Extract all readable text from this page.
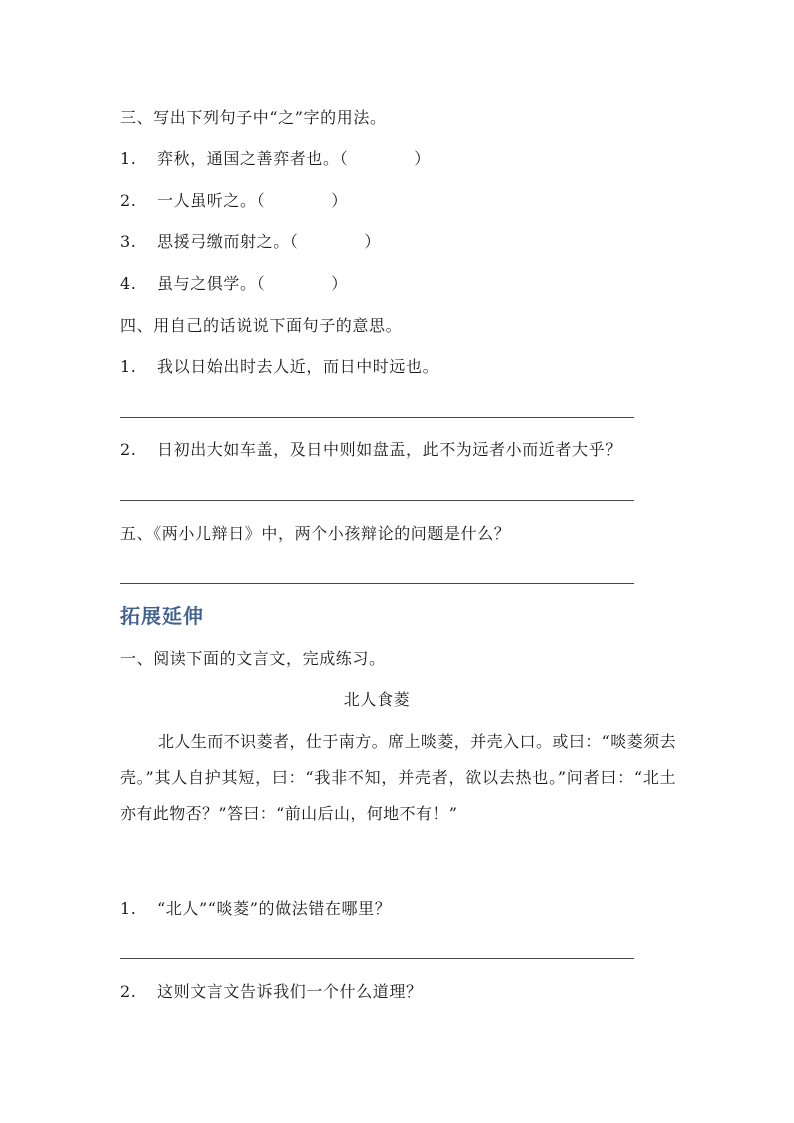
三、写出下列句子中“之”字的用法。
1. 弈秋，通国之善弈者也。（	）
2. 一人虽听之。（	）
3. 思援弓缴而射之。（	）
4. 虽与之俱学。（	）
四、用自己的话说说下面句子的意思。
1. 我以日始出时去人近，而日中时远也。
2. 日初出大如车盖，及日中则如盘盂，此不为远者小而近者大乎？
五、《两小儿辩日》中，两个小孩辩论的问题是什么？
拓展延伸
一、阅读下面的文言文，完成练习。
北人食菱
北人生而不识菱者，仕于南方。席上啖菱，并壳入口。或曰：“啖菱须去壳。”其人自护其短，曰：“我非不知，并壳者，欲以去热也。”问者曰：“北土亦有此物否？”答曰：“前山后山，何地不有！”
1. “北人”“啖菱”的做法错在哪里？
2. 这则文言文告诉我们一个什么道理？
